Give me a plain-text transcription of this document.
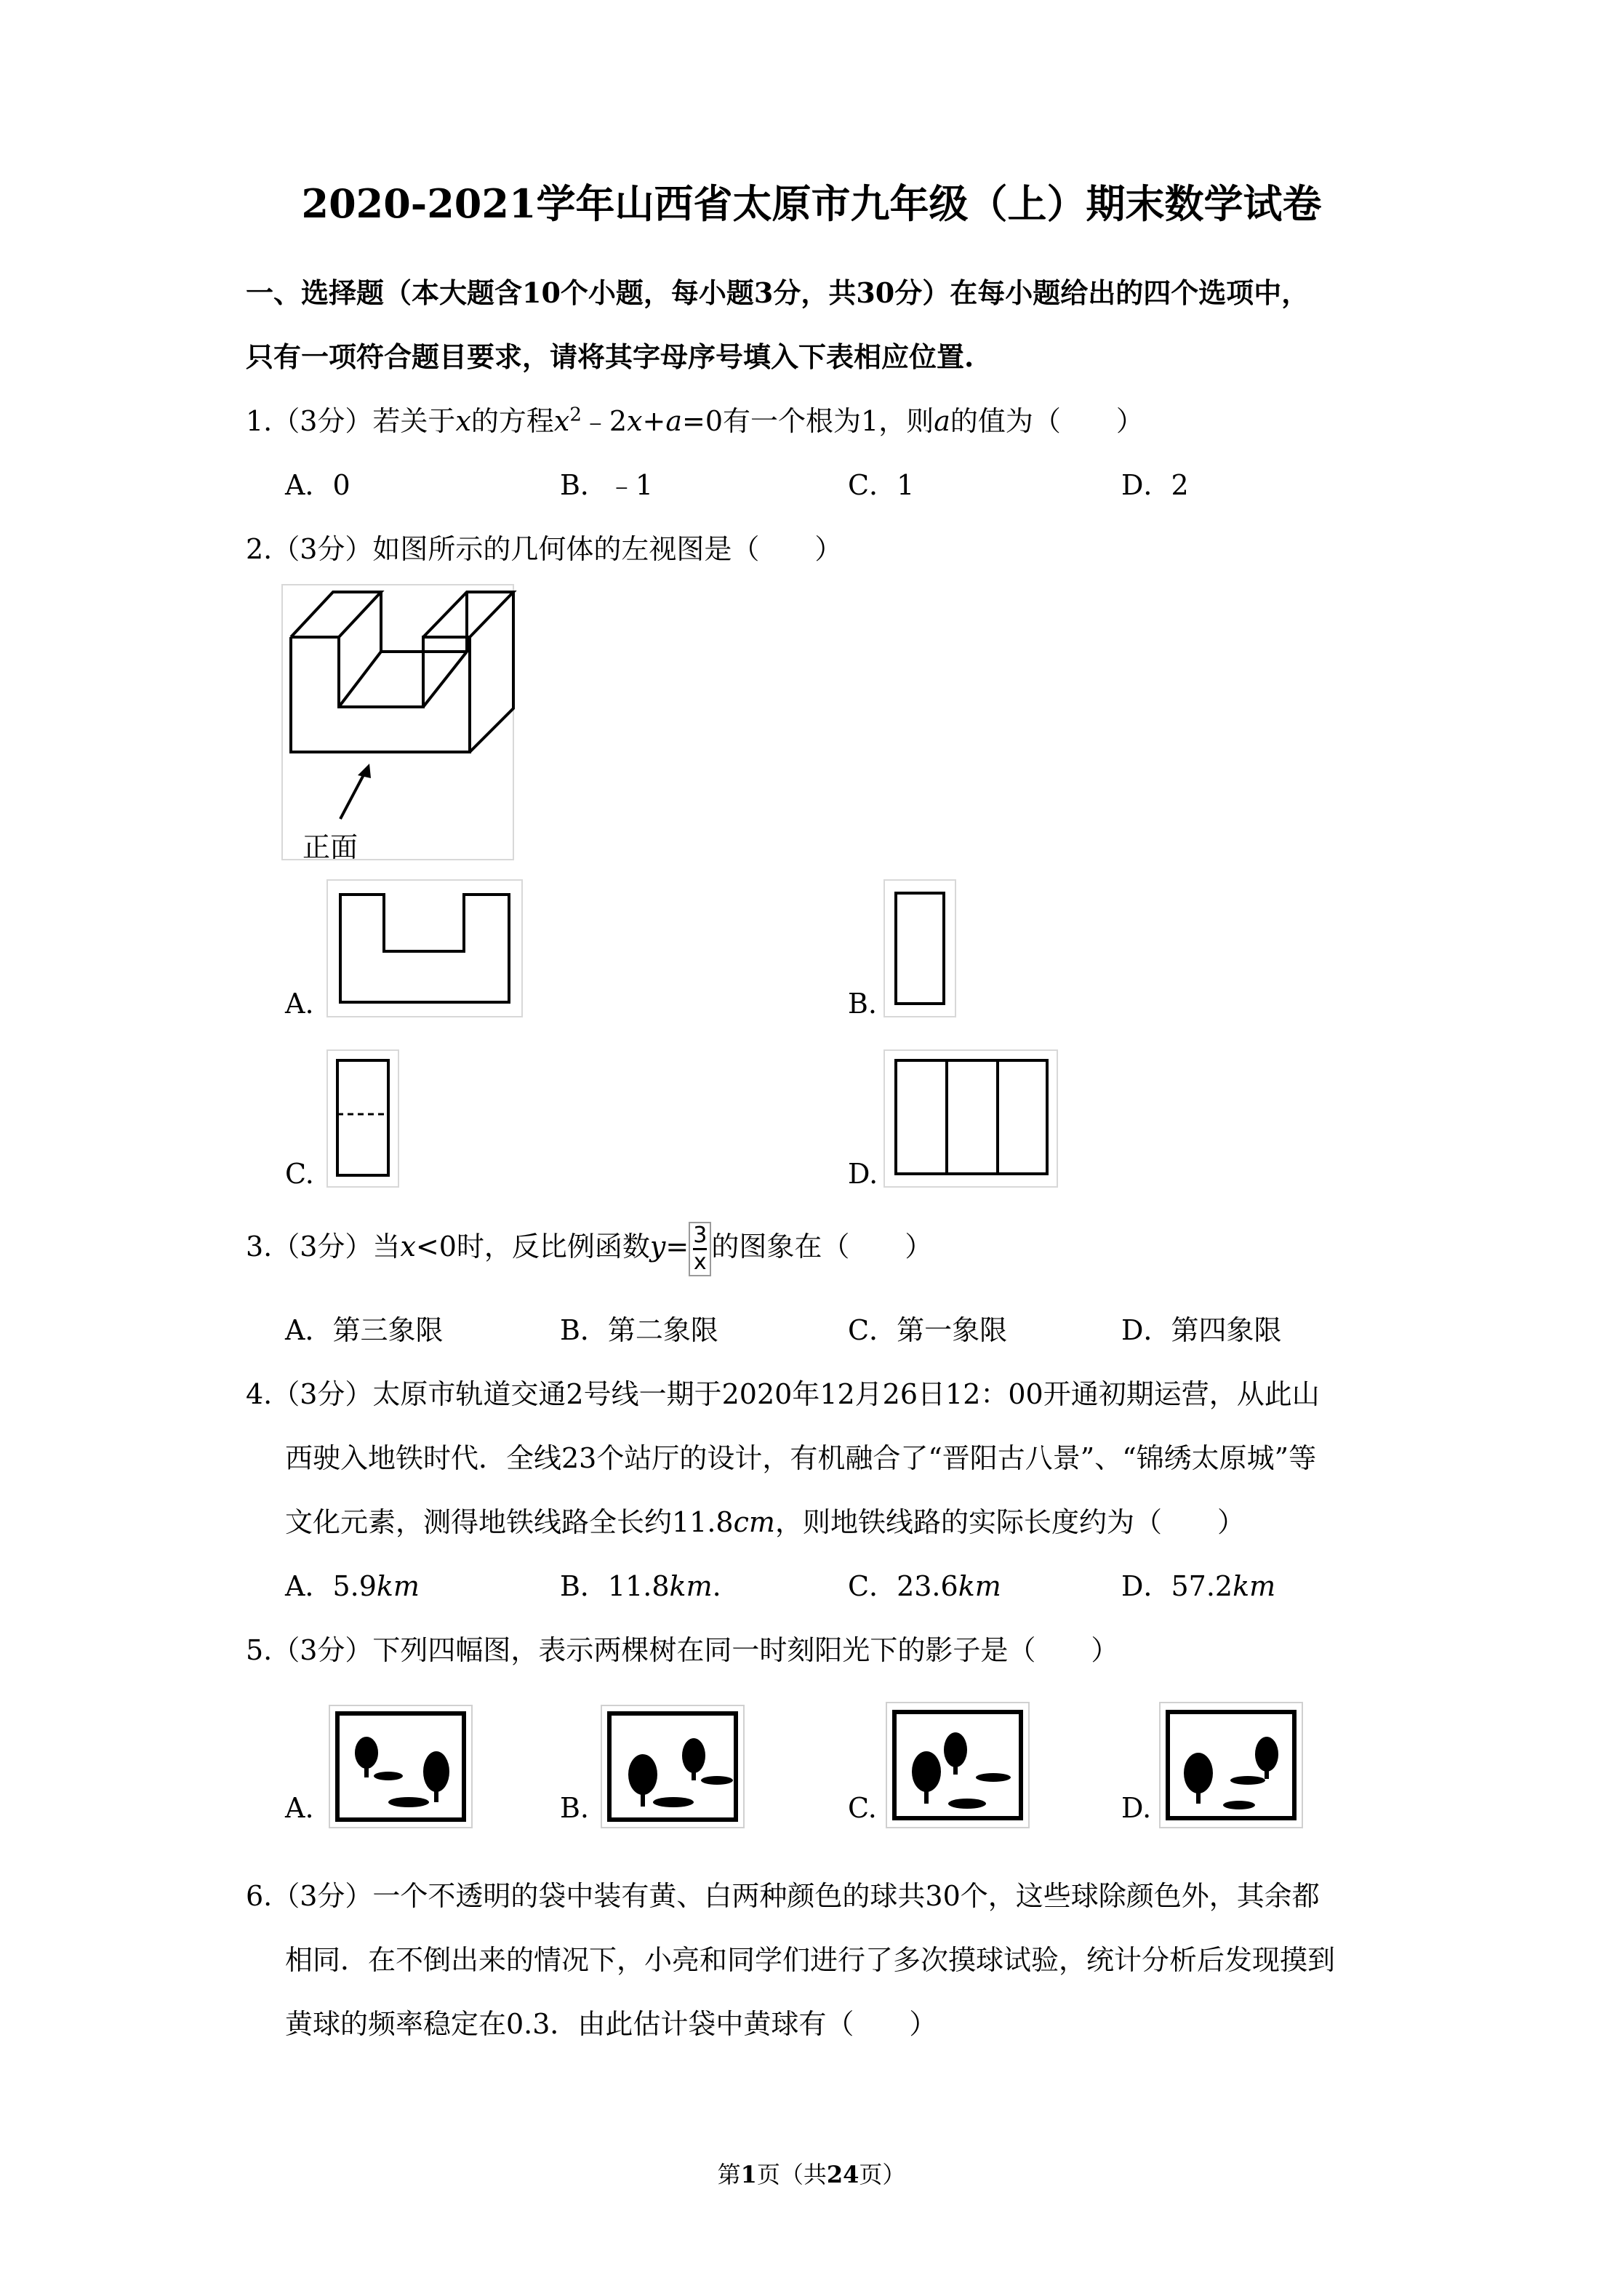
2020-2021学年山西省太原市九年级（上）期末数学试卷
一、选择题（本大题含10个小题，每小题3分，共30分）在每小题给出的四个选项中，
只有一项符合题目要求，请将其字母序号填入下表相应位置.
1.（3分）若关于x的方程$x^2﹣2x+a=0$有一个根为1，则a的值为（　　）
A．0	B．﹣1	C．1	D．2
2.（3分）如图所示的几何体的左视图是（　　）
正面
A.	B.
C.	D.
3.（3分）当x<0时，反比例函数$y= \frac{3}{x}$的图象在（　　）
A．第三象限	B．第二象限	C．第一象限	D．第四象限
4.（3分）太原市轨道交通2号线一期于2020年12月26日12：00开通初期运营，从此山
西驶入地铁时代．全线23个站厅的设计，有机融合了“晋阳古八景”、“锦绣太原城”等
文化元素，测得地铁线路全长约11.8cm，则地铁线路的实际长度约为（　　）
A．5.9km	B．11.8km.	C．23.6km	D．57.2km
5.（3分）下列四幅图，表示两棵树在同一时刻阳光下的影子是（　　）
A.	B.	C.	D.
6.（3分）一个不透明的袋中装有黄、白两种颜色的球共30个，这些球除颜色外，其余都
相同．在不倒出来的情况下，小亮和同学们进行了多次摸球试验，统计分析后发现摸到
黄球的频率稳定在0.3．由此估计袋中黄球有（　　）
第1页（共24页）
